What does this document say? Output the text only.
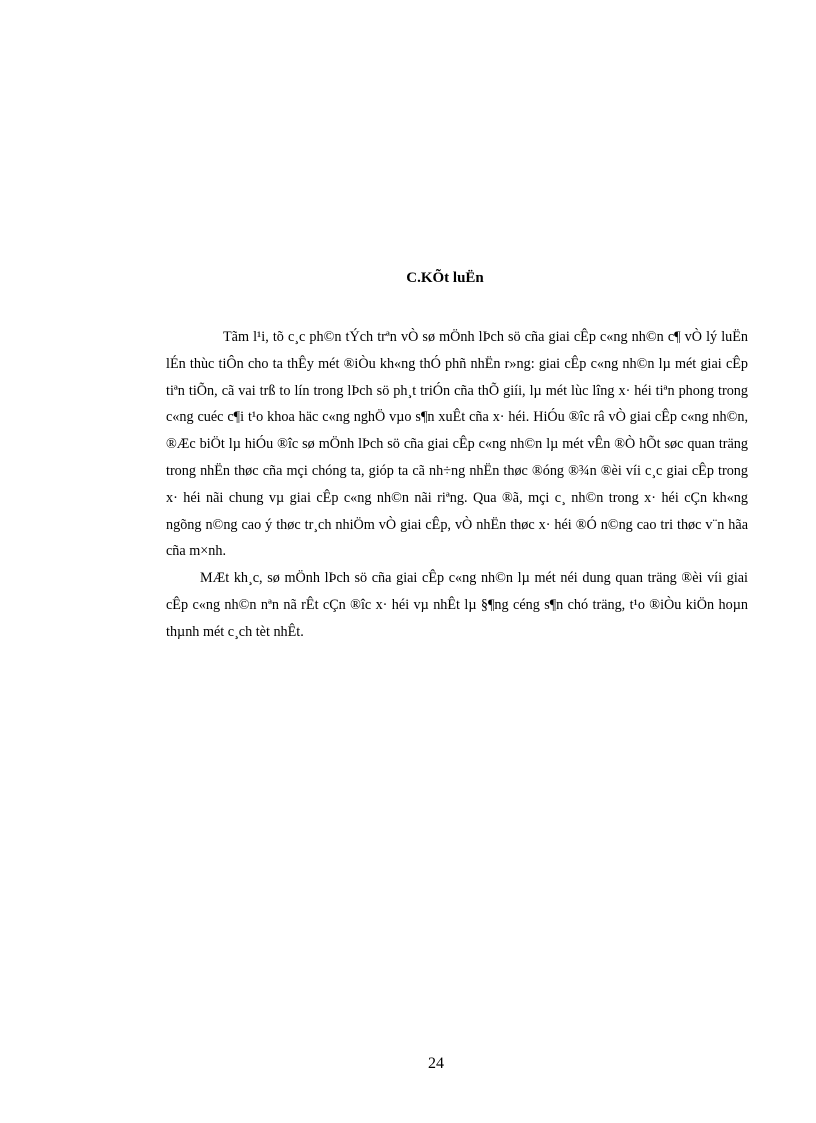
C.KÕt luËn

Tãm l¹i, tõ c¸c ph©n tÝch trªn vÒ sø mÖnh lÞch sö cña giai cÊp c«ng nh©n c¶ vÒ lý luËn lÉn thùc tiÔn cho ta thÊy mét ®iÒu kh«ng thÓ phñ nhËn r»ng: giai cÊp c«ng nh©n lµ mét giai cÊp tiªn tiÕn, cã vai trß to lín trong lÞch sö ph¸t triÓn cña thÕ giíi, lµ mét lùc lîng x· héi tiªn phong trong c«ng cuéc c¶i t¹o khoa häc c«ng nghÖ vµo s¶n xuÊt cña x· héi. HiÓu ®îc râ vÒ giai cÊp c«ng nh©n, ®Æc biÖt lµ hiÓu ®îc sø mÖnh lÞch sö cña giai cÊp c«ng nh©n lµ mét vÊn ®Ò hÕt søc quan träng trong nhËn thøc cña mçi chóng ta, gióp ta cã nh÷ng nhËn thøc ®óng ®¾n ®èi víi c¸c giai cÊp trong x· héi nãi chung vµ giai cÊp c«ng nh©n nãi riªng. Qua ®ã, mçi c¸ nh©n trong x· héi cÇn kh«ng ngõng n©ng cao ý thøc tr¸ch nhiÖm vÒ giai cÊp, vÒ nhËn thøc x· héi ®Ó n©ng cao tri thøc v¨n hãa cña m×nh.

MÆt kh¸c, sø mÖnh lÞch sö cña giai cÊp c«ng nh©n lµ mét néi dung quan träng ®èi víi giai cÊp c«ng nh©n nªn nã rÊt cÇn ®îc x· héi vµ nhÊt lµ §¶ng céng s¶n chó träng, t¹o ®iÒu kiÖn hoµn thµnh mét c¸ch tèt nhÊt.

24
